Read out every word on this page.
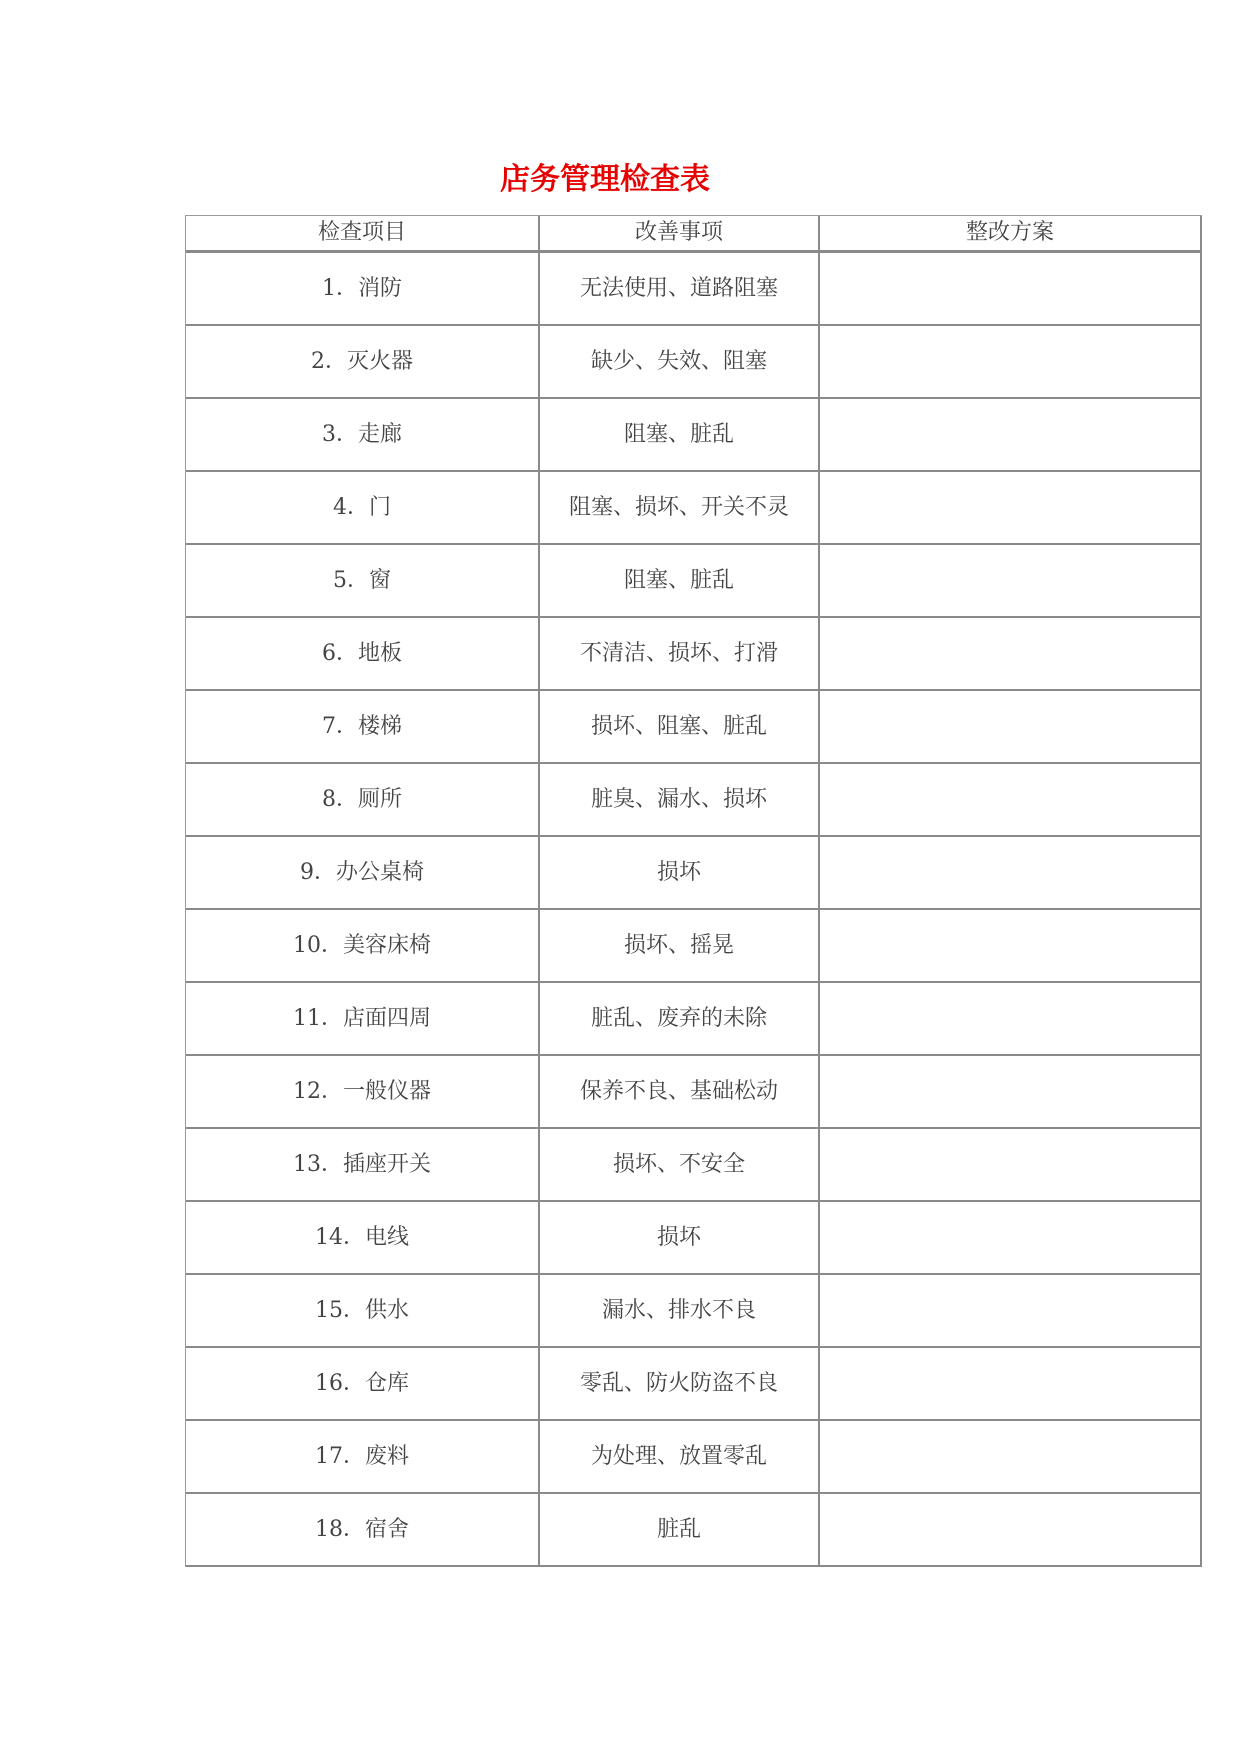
店务管理检查表
检查项目	改善事项	整改方案
1．消防	无法使用、道路阻塞	
2．灭火器	缺少、失效、阻塞	
3．走廊	阻塞、脏乱	
4．门	阻塞、损坏、开关不灵	
5．窗	阻塞、脏乱	
6．地板	不清洁、损坏、打滑	
7．楼梯	损坏、阻塞、脏乱	
8．厕所	脏臭、漏水、损坏	
9．办公桌椅	损坏	
10．美容床椅	损坏、摇晃	
11．店面四周	脏乱、废弃的未除	
12．一般仪器	保养不良、基础松动	
13．插座开关	损坏、不安全	
14．电线	损坏	
15．供水	漏水、排水不良	
16．仓库	零乱、防火防盗不良	
17．废料	为处理、放置零乱	
18．宿舍	脏乱	
